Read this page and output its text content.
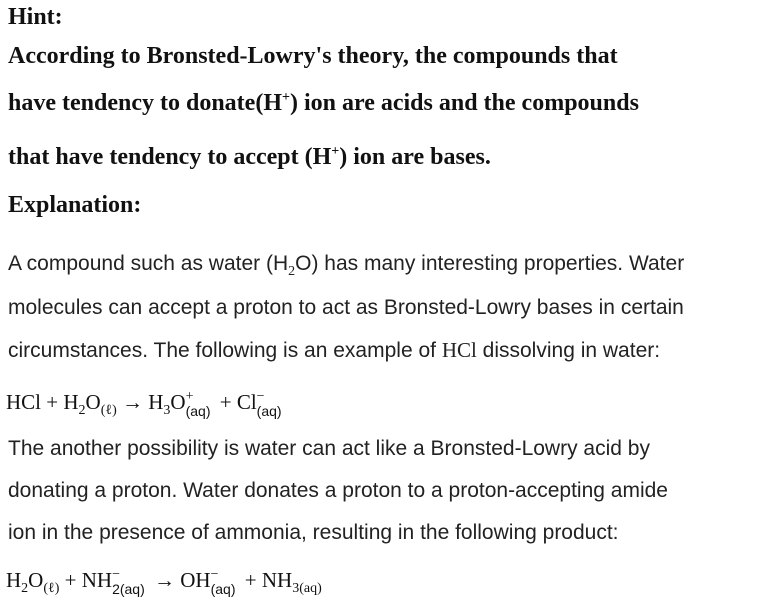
Hint:
According to Bronsted-Lowry's theory, the compounds that
have tendency to donate(H+) ion are acids and the compounds
that have tendency to accept (H+) ion are bases.
Explanation:
A compound such as water $(H_2O)$ has many interesting properties. Water
molecules can accept a proton to act as Bronsted-Lowry bases in certain
circumstances. The following is an example of HCl dissolving in water:
HCl + $H_2O_{(\ell)} \to H_3O$ +
(aq) + Cl −
(aq)
The another possibility is water can act like a Bronsted-Lowry acid by
donating a proton. Water donates a proton to a proton-accepting amide
ion in the presence of ammonia, resulting in the following product:
$H_2O_{(\ell)}$ + NH −
2(aq) → OH −
$(aq) + NH_{3(aq)}$
